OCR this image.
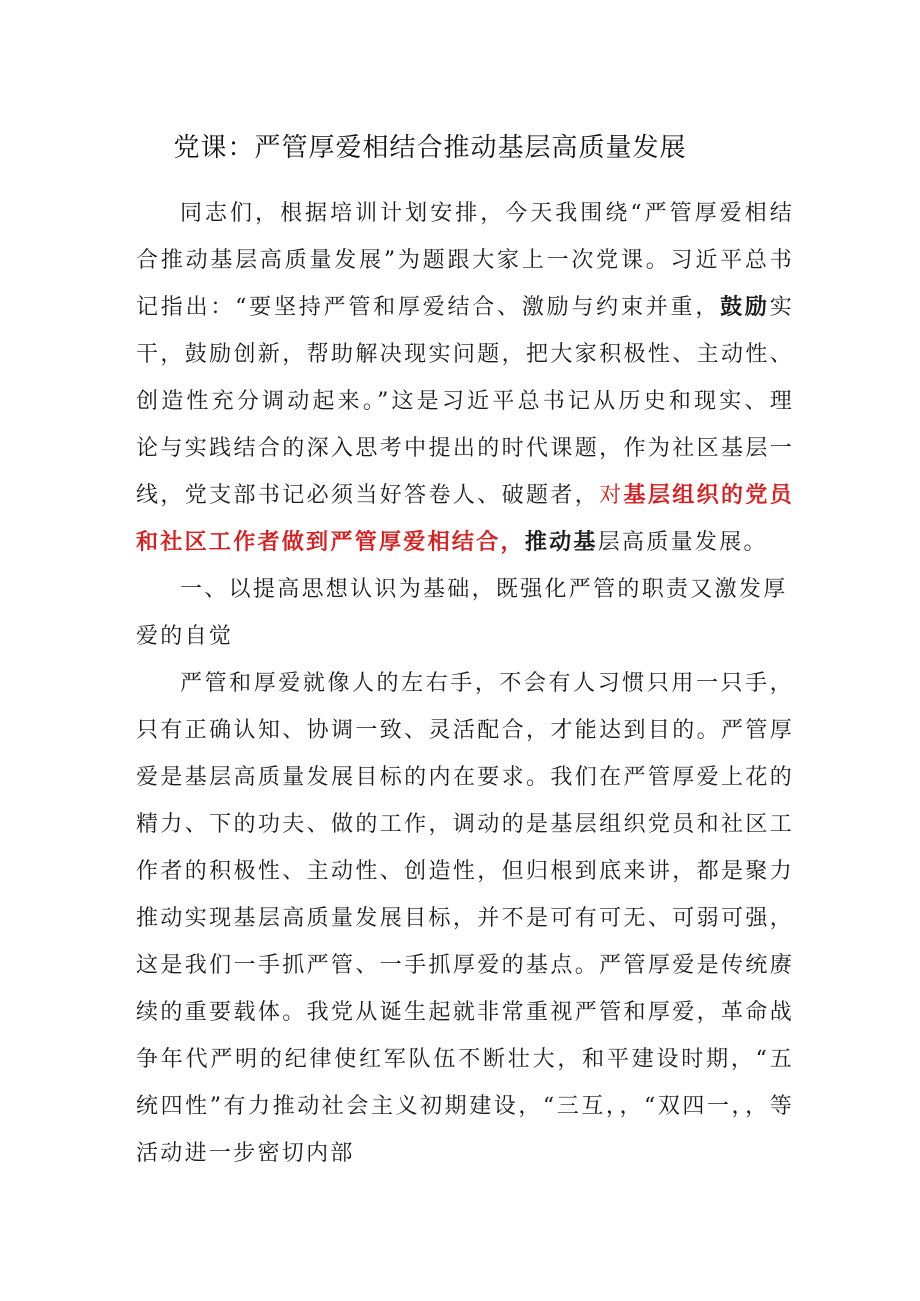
党课：严管厚爱相结合推动基层高质量发展

同志们，根据培训计划安排，今天我围绕“严管厚爱相结合推动基层高质量发展”为题跟大家上一次党课。习近平总书记指出：“要坚持严管和厚爱结合、激励与约束并重，鼓励实干，鼓励创新，帮助解决现实问题，把大家积极性、主动性、创造性充分调动起来。”这是习近平总书记从历史和现实、理论与实践结合的深入思考中提出的时代课题，作为社区基层一线，党支部书记必须当好答卷人、破题者，对基层组织的党员和社区工作者做到严管厚爱相结合，推动基层高质量发展。

一、以提高思想认识为基础，既强化严管的职责又激发厚爱的自觉

严管和厚爱就像人的左右手，不会有人习惯只用一只手，只有正确认知、协调一致、灵活配合，才能达到目的。严管厚爱是基层高质量发展目标的内在要求。我们在严管厚爱上花的精力、下的功夫、做的工作，调动的是基层组织党员和社区工作者的积极性、主动性、创造性，但归根到底来讲，都是聚力推动实现基层高质量发展目标，并不是可有可无、可弱可强，这是我们一手抓严管、一手抓厚爱的基点。严管厚爱是传统赓续的重要载体。我党从诞生起就非常重视严管和厚爱，革命战争年代严明的纪律使红军队伍不断壮大，和平建设时期，“五统四性”有力推动社会主义初期建设，“三互，，“双四一，，等活动进一步密切内部
